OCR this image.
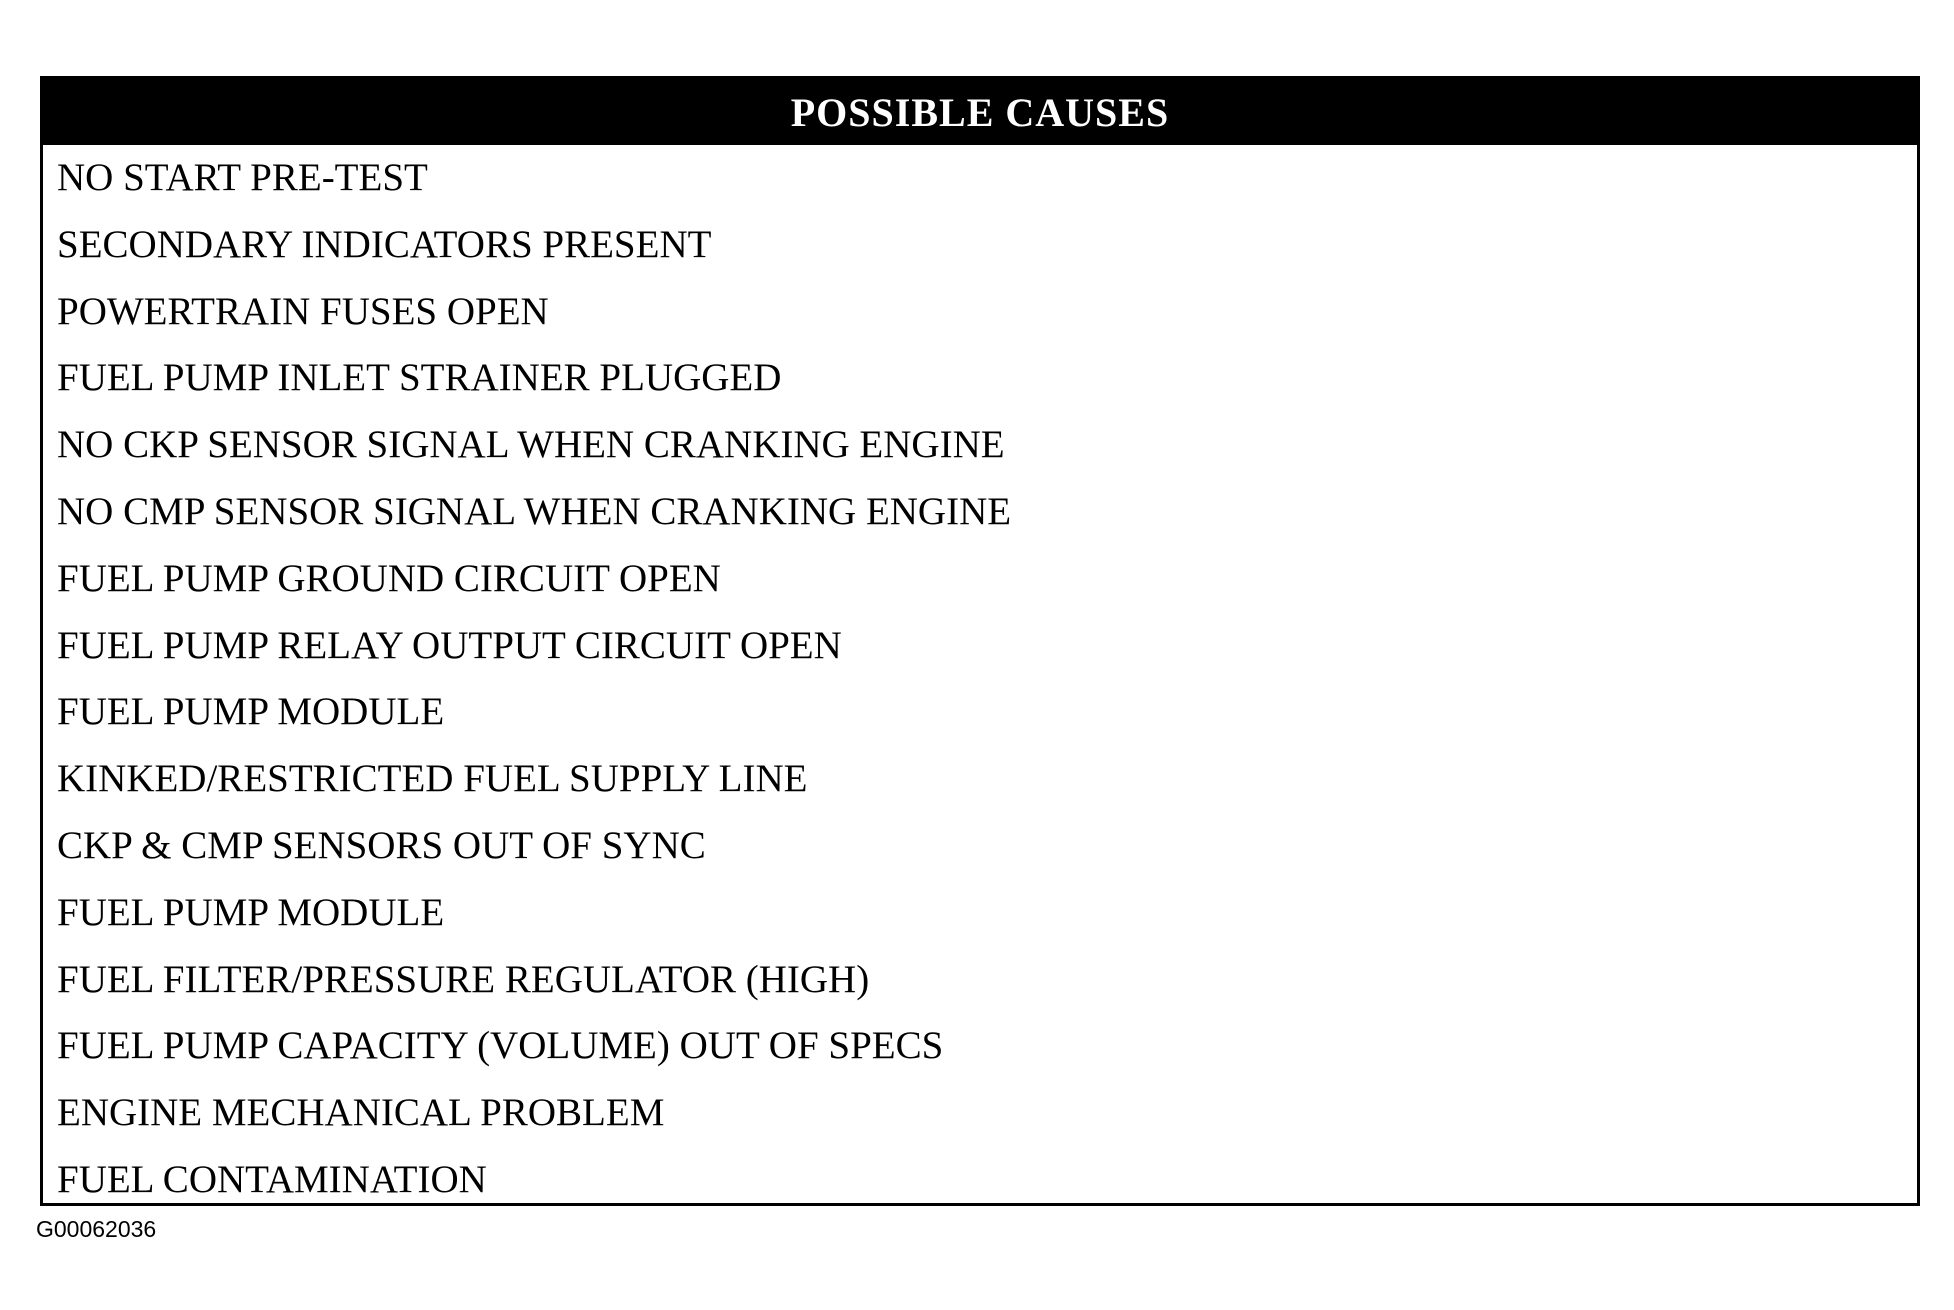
POSSIBLE CAUSES
NO START PRE-TEST
SECONDARY INDICATORS PRESENT
POWERTRAIN FUSES OPEN
FUEL PUMP INLET STRAINER PLUGGED
NO CKP SENSOR SIGNAL WHEN CRANKING ENGINE
NO CMP SENSOR SIGNAL WHEN CRANKING ENGINE
FUEL PUMP GROUND CIRCUIT OPEN
FUEL PUMP RELAY OUTPUT CIRCUIT OPEN
FUEL PUMP MODULE
KINKED/RESTRICTED FUEL SUPPLY LINE
CKP & CMP SENSORS OUT OF SYNC
FUEL PUMP MODULE
FUEL FILTER/PRESSURE REGULATOR (HIGH)
FUEL PUMP CAPACITY (VOLUME) OUT OF SPECS
ENGINE MECHANICAL PROBLEM
FUEL CONTAMINATION
G00062036
